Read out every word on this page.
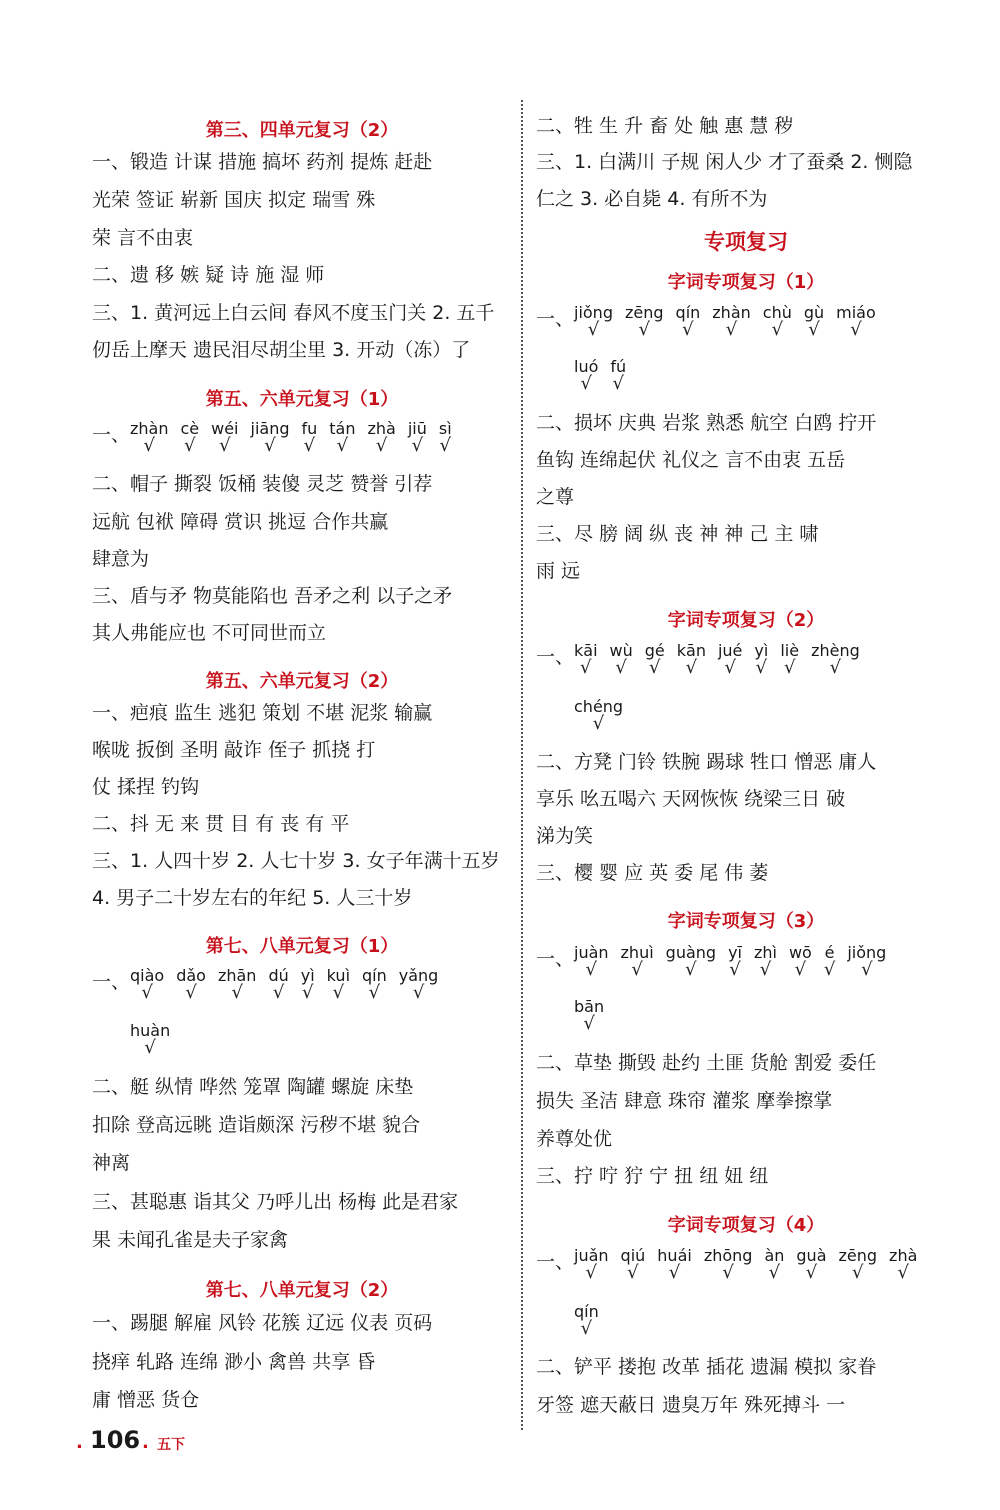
第三、四单元复习（2）
一、锻造 计谋 措施 搞坏 药剂 提炼 赶赴
光荣 签证 崭新 国庆 拟定 瑞雪 殊
荣 言不由衷
二、遗 移 嫉 疑 诗 施 湿 师
三、1. 黄河远上白云间 春风不度玉门关 2. 五千
仞岳上摩天 遗民泪尽胡尘里 3. 开动（冻）了
第五、六单元复习（1）
一、 zhàn
√
cè
√
wéi
√
jiāng
√
fu
√
tán
√
zhà
√
jiū
√
sì
√
二、帽子 撕裂 饭桶 装傻 灵芝 赞誉 引荐
远航 包袱 障碍 赏识 挑逗 合作共赢
肆意为
三、盾与矛 物莫能陷也 吾矛之利 以子之矛
其人弗能应也 不可同世而立
第五、六单元复习（2）
一、疤痕 监生 逃犯 策划 不堪 泥浆 输赢
喉咙 扳倒 圣明 敲诈 侄子 抓挠 打
仗 揉捏 钓钩
二、抖 无 来 贯 目 有 丧 有 平
三、1. 人四十岁 2. 人七十岁 3. 女子年满十五岁
4. 男子二十岁左右的年纪 5. 人三十岁
第七、八单元复习（1）
一、 qiào
√
dǎo
√
zhān
√
dú
√
yì
√
kuì
√
qín
√
yǎng
√
huàn
√
二、艇 纵情 哗然 笼罩 陶罐 螺旋 床垫
扣除 登高远眺 造诣颇深 污秽不堪 貌合
神离
三、甚聪惠 诣其父 乃呼儿出 杨梅 此是君家
果 未闻孔雀是夫子家禽
第七、八单元复习（2）
一、踢腿 解雇 风铃 花簇 辽远 仪表 页码
挠痒 轧路 连绵 渺小 禽兽 共享 昏
庸 憎恶 货仓
二、牲 生 升 畜 处 触 惠 慧 秽
三、1. 白满川 子规 闲人少 才了蚕桑 2. 恻隐
仁之 3. 必自毙 4. 有所不为
专项复习
字词专项复习（1）
一、 jiǒng
√
zēng
√
qín
√
zhàn
√
chù
√
gù
√
miáo
√
luó
√
fú
√
二、损坏 庆典 岩浆 熟悉 航空 白鸥 拧开
鱼钩 连绵起伏 礼仪之 言不由衷 五岳
之尊
三、尽 膀 阔 纵 丧 神 神 己 主 啸
雨 远
字词专项复习（2）
一、 kāi
√
wù
√
gé
√
kān
√
jué
√
yì
√
liè
√
zhèng
√
chéng
√
二、方凳 门铃 铁腕 踢球 牲口 憎恶 庸人
享乐 吆五喝六 天网恢恢 绕梁三日 破
涕为笑
三、樱 婴 应 英 委 尾 伟 萎
字词专项复习（3）
一、 juàn
√
zhuì
√
guàng
√
yī
√
zhì
√
wō
√
é
√
jiǒng
√
bān
√
二、草垫 撕毁 赴约 土匪 货舱 割爱 委任
损失 圣洁 肆意 珠帘 灌浆 摩拳擦掌
养尊处优
三、拧 咛 狞 宁 扭 纽 妞 纽
字词专项复习（4）
一、 juǎn
√
qiú
√
huái
√
zhōng
√
àn
√
guà
√
zēng
√
zhà
√
qín
√
二、铲平 搂抱 改革 插花 遗漏 模拟 家眷
牙签 遮天蔽日 遗臭万年 殊死搏斗 一
. 106 . 五下
